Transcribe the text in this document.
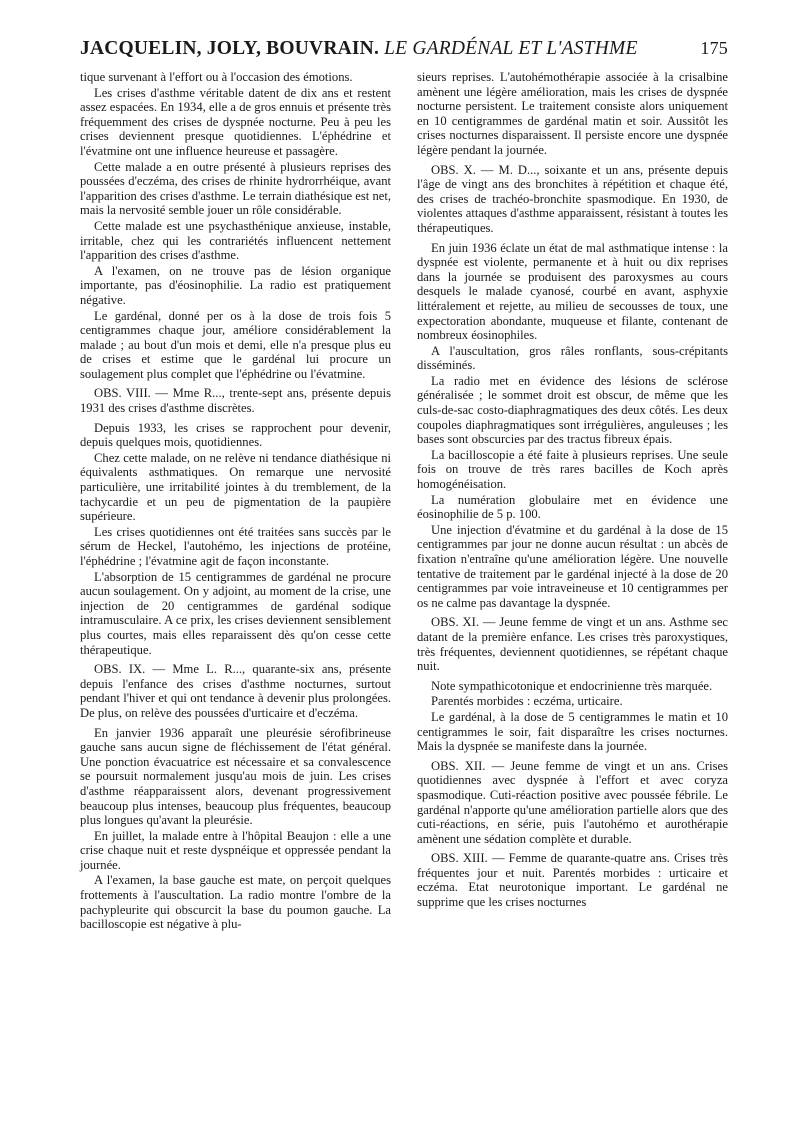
JACQUELIN, JOLY, BOUVRAIN. LE GARDÉNAL ET L'ASTHME	175

tique survenant à l'effort ou à l'occasion des émotions.

Les crises d'asthme véritable datent de dix ans et restent assez espacées. En 1934, elle a de gros ennuis et présente très fréquemment des crises de dyspnée nocturne. Peu à peu les crises deviennent presque quotidiennes. L'éphédrine et l'évatmine ont une influence heureuse et passagère.

Cette malade a en outre présenté à plusieurs reprises des poussées d'eczéma, des crises de rhinite hydrorrhéique, avant l'apparition des crises d'asthme. Le terrain diathésique est net, mais la nervosité semble jouer un rôle considérable.

Cette malade est une psychasthénique anxieuse, instable, irritable, chez qui les contrariétés influencent nettement l'apparition des crises d'asthme.

A l'examen, on ne trouve pas de lésion organique importante, pas d'éosinophilie. La radio est pratiquement négative.

Le gardénal, donné per os à la dose de trois fois 5 centigrammes chaque jour, améliore considérablement la malade ; au bout d'un mois et demi, elle n'a presque plus eu de crises et estime que le gardénal lui procure un soulagement plus complet que l'éphédrine ou l'évatmine.

OBS. VIII. — Mme R..., trente-sept ans, présente depuis 1931 des crises d'asthme discrètes.

Depuis 1933, les crises se rapprochent pour devenir, depuis quelques mois, quotidiennes.

Chez cette malade, on ne relève ni tendance diathésique ni équivalents asthmatiques. On remarque une nervosité particulière, une irritabilité jointes à du tremblement, de la tachycardie et un peu de pigmentation de la paupière supérieure.

Les crises quotidiennes ont été traitées sans succès par le sérum de Heckel, l'autohémo, les injections de protéine, l'éphédrine ; l'évatmine agit de façon inconstante.

L'absorption de 15 centigrammes de gardénal ne procure aucun soulagement. On y adjoint, au moment de la crise, une injection de 20 centigrammes de gardénal sodique intramusculaire. A ce prix, les crises deviennent sensiblement plus courtes, mais elles reparaissent dès qu'on cesse cette thérapeutique.

OBS. IX. — Mme L. R..., quarante-six ans, présente depuis l'enfance des crises d'asthme nocturnes, surtout pendant l'hiver et qui ont tendance à devenir plus prolongées. De plus, on relève des poussées d'urticaire et d'eczéma.

En janvier 1936 apparaît une pleurésie sérofibrineuse gauche sans aucun signe de fléchissement de l'état général. Une ponction évacuatrice est nécessaire et sa convalescence se poursuit normalement jusqu'au mois de juin. Les crises d'asthme réapparaissent alors, devenant progressivement beaucoup plus intenses, beaucoup plus fréquentes, beaucoup plus longues qu'avant la pleurésie.

En juillet, la malade entre à l'hôpital Beaujon : elle a une crise chaque nuit et reste dyspnéique et oppressée pendant la journée.

A l'examen, la base gauche est mate, on perçoit quelques frottements à l'auscultation. La radio montre l'ombre de la pachypleurite qui obscurcit la base du poumon gauche. La bacilloscopie est négative à plu-

sieurs reprises. L'autohémothérapie associée à la crisalbine amènent une légère amélioration, mais les crises de dyspnée nocturne persistent. Le traitement consiste alors uniquement en 10 centigrammes de gardénal matin et soir. Aussitôt les crises nocturnes disparaissent. Il persiste encore une dyspnée légère pendant la journée.

OBS. X. — M. D..., soixante et un ans, présente depuis l'âge de vingt ans des bronchites à répétition et chaque été, des crises de trachéo-bronchite spasmodique. En 1930, de violentes attaques d'asthme apparaissent, résistant à toutes les thérapeutiques.

En juin 1936 éclate un état de mal asthmatique intense : la dyspnée est violente, permanente et à huit ou dix reprises dans la journée se produisent des paroxysmes au cours desquels le malade cyanosé, courbé en avant, asphyxie littéralement et rejette, au milieu de secousses de toux, une expectoration abondante, muqueuse et filante, contenant de nombreux éosinophiles.

A l'auscultation, gros râles ronflants, sous-crépitants disséminés.

La radio met en évidence des lésions de sclérose généralisée ; le sommet droit est obscur, de même que les culs-de-sac costo-diaphragmatiques des deux côtés. Les deux coupoles diaphragmatiques sont irrégulières, anguleuses ; les bases sont obscurcies par des tractus fibreux épais.

La bacilloscopie a été faite à plusieurs reprises. Une seule fois on trouve de très rares bacilles de Koch après homogénéisation.

La numération globulaire met en évidence une éosinophilie de 5 p. 100.

Une injection d'évatmine et du gardénal à la dose de 15 centigrammes par jour ne donne aucun résultat : un abcès de fixation n'entraîne qu'une amélioration légère. Une nouvelle tentative de traitement par le gardénal injecté à la dose de 20 centigrammes par voie intraveineuse et 10 centigrammes per os ne calme pas davantage la dyspnée.

OBS. XI. — Jeune femme de vingt et un ans. Asthme sec datant de la première enfance. Les crises très paroxystiques, très fréquentes, deviennent quotidiennes, se répétant chaque nuit.

Note sympathicotonique et endocrinienne très marquée.

Parentés morbides : eczéma, urticaire.

Le gardénal, à la dose de 5 centigrammes le matin et 10 centigrammes le soir, fait disparaître les crises nocturnes. Mais la dyspnée se manifeste dans la journée.

OBS. XII. — Jeune femme de vingt et un ans. Crises quotidiennes avec dyspnée à l'effort et avec coryza spasmodique. Cuti-réaction positive avec poussée fébrile. Le gardénal n'apporte qu'une amélioration partielle alors que des cuti-réactions, en série, puis l'autohémo et aurothérapie amènent une sédation complète et durable.

OBS. XIII. — Femme de quarante-quatre ans. Crises très fréquentes jour et nuit. Parentés morbides : urticaire et eczéma. Etat neurotonique important. Le gardénal ne supprime que les crises nocturnes
